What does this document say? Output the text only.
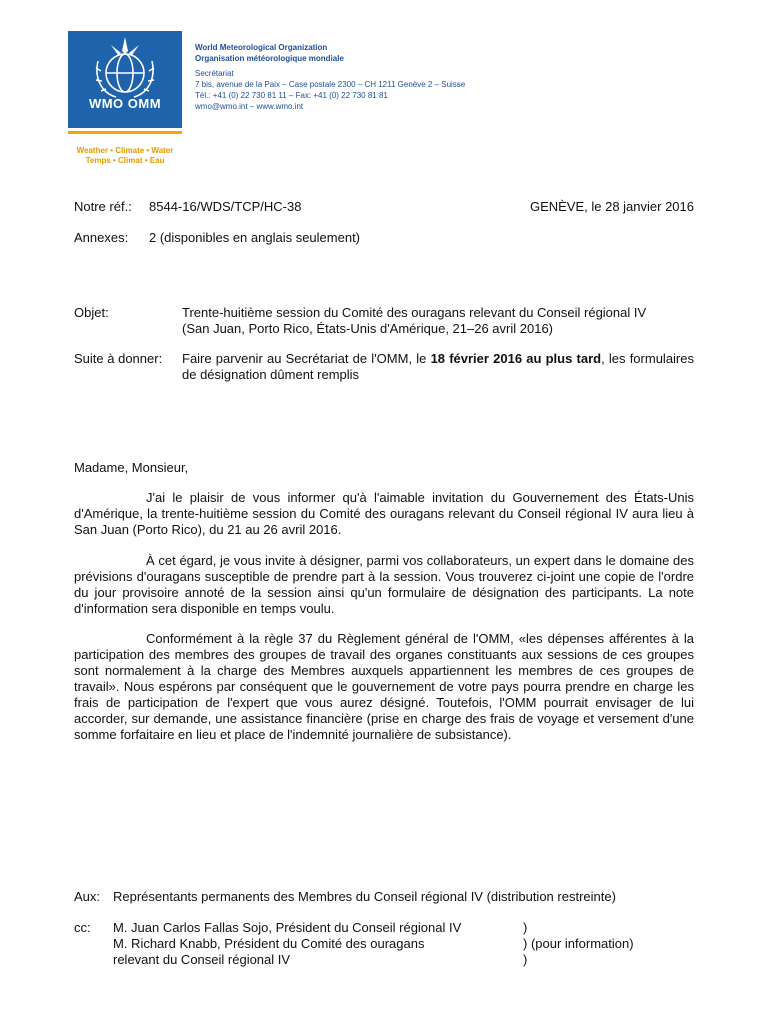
WMO OMM
Weather • Climate • Water
Temps • Climat • Eau
World Meteorological Organization
Organisation météorologique mondiale
Secrétariat
7 bis, avenue de la Paix – Case postale 2300 – CH 1211 Genève 2 – Suisse
Tél.: +41 (0) 22 730 81 11 – Fax: +41 (0) 22 730 81 81
wmo@wmo.int – www.wmo.int
Notre réf.: 8544-16/WDS/TCP/HC-38	GENÈVE, le 28 janvier 2016
Annexes: 2 (disponibles en anglais seulement)
Objet:	Trente-huitième session du Comité des ouragans relevant du Conseil régional IV
(San Juan, Porto Rico, États-Unis d'Amérique, 21–26 avril 2016)
Suite à donner: Faire parvenir au Secrétariat de l'OMM, le 18 février 2016 au plus tard, les formulaires de désignation dûment remplis
Madame, Monsieur,
J'ai le plaisir de vous informer qu'à l'aimable invitation du Gouvernement des États-Unis d'Amérique, la trente-huitième session du Comité des ouragans relevant du Conseil régional IV aura lieu à San Juan (Porto Rico), du 21 au 26 avril 2016.
À cet égard, je vous invite à désigner, parmi vos collaborateurs, un expert dans le domaine des prévisions d'ouragans susceptible de prendre part à la session. Vous trouverez ci-joint une copie de l'ordre du jour provisoire annoté de la session ainsi qu'un formulaire de désignation des participants. La note d'information sera disponible en temps voulu.
Conformément à la règle 37 du Règlement général de l'OMM, «les dépenses afférentes à la participation des membres des groupes de travail des organes constituants aux sessions de ces groupes sont normalement à la charge des Membres auxquels appartiennent les membres de ces groupes de travail». Nous espérons par conséquent que le gouvernement de votre pays pourra prendre en charge les frais de participation de l'expert que vous aurez désigné. Toutefois, l'OMM pourrait envisager de lui accorder, sur demande, une assistance financière (prise en charge des frais de voyage et versement d'une somme forfaitaire en lieu et place de l'indemnité journalière de subsistance).
Aux: Représentants permanents des Membres du Conseil régional IV (distribution restreinte)
cc: M. Juan Carlos Fallas Sojo, Président du Conseil régional IV
M. Richard Knabb, Président du Comité des ouragans
relevant du Conseil régional IV
)
) (pour information)
)
